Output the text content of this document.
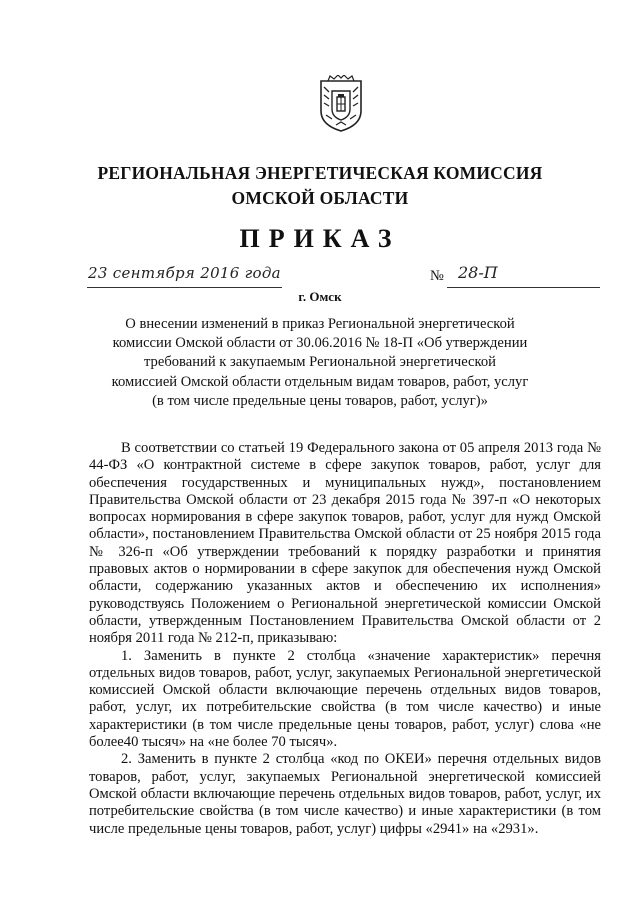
РЕГИОНАЛЬНАЯ ЭНЕРГЕТИЧЕСКАЯ КОМИССИЯ
ОМСКОЙ ОБЛАСТИ
ПРИКАЗ
23 сентября 2016 года	№ 28-П
г. Омск
О внесении изменений в приказ Региональной энергетической комиссии Омской области от 30.06.2016 № 18-П «Об утверждении требований к закупаемым Региональной энергетической комиссией Омской области отдельным видам товаров, работ, услуг (в том числе предельные цены товаров, работ, услуг)»

В соответствии со статьей 19 Федерального закона от 05 апреля 2013 года № 44-ФЗ «О контрактной системе в сфере закупок товаров, работ, услуг для обеспечения государственных и муниципальных нужд», постановлением Правительства Омской области от 23 декабря 2015 года № 397-п «О некоторых вопросах нормирования в сфере закупок товаров, работ, услуг для нужд Омской области», постановлением Правительства Омской области от 25 ноября 2015 года № 326-п «Об утверждении требований к порядку разработки и принятия правовых актов о нормировании в сфере закупок для обеспечения нужд Омской области, содержанию указанных актов и обеспечению их исполнения» руководствуясь Положением о Региональной энергетической комиссии Омской области, утвержденным Постановлением Правительства Омской области от 2 ноября 2011 года № 212-п, приказываю:

1. Заменить в пункте 2 столбца «значение характеристик» перечня отдельных видов товаров, работ, услуг, закупаемых Региональной энергетической комиссией Омской области включающие перечень отдельных видов товаров, работ, услуг, их потребительские свойства (в том числе качество) и иные характеристики (в том числе предельные цены товаров, работ, услуг) слова «не более40 тысяч» на «не более 70 тысяч».

2. Заменить в пункте 2 столбца «код по ОКЕИ» перечня отдельных видов товаров, работ, услуг, закупаемых Региональной энергетической комиссией Омской области включающие перечень отдельных видов товаров, работ, услуг, их потребительские свойства (в том числе качество) и иные характеристики (в том числе предельные цены товаров, работ, услуг) цифры «2941» на «2931».
